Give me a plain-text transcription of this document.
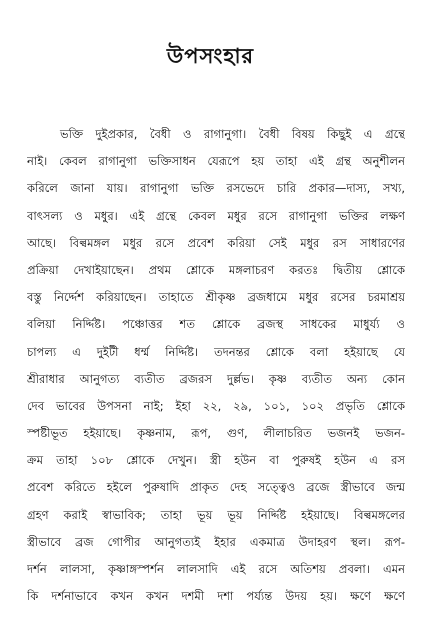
উপসংহার
ভক্তি দুইপ্রকার, বৈধী ও রাগানুগা। বৈধী বিষয় কিছুই এ গ্রন্থে
নাই। কেবল রাগানুগা ভক্তিসাধন যেরূপে হয় তাহা এই গ্রন্থ অনুশীলন
করিলে জানা যায়। রাগানুগা ভক্তি রসভেদে চারি প্রকার—দাস্য, সখ্য,
বাৎসল্য ও মধুর। এই গ্রন্থে কেবল মধুর রসে রাগানুগা ভক্তির লক্ষণ
আছে। বিল্বমঙ্গল মধুর রসে প্রবেশ করিয়া সেই মধুর রস সাধারণের
প্রক্রিয়া দেখাইয়াছেন। প্রথম শ্লোকে মঙ্গলাচরণ করতঃ দ্বিতীয় শ্লোকে
বস্তু নির্দ্দেশ করিয়াছেন। তাহাতে শ্রীকৃষ্ণ ব্রজধামে মধুর রসের চরমাশ্রয়
বলিয়া নির্দ্দিষ্ট। পঞ্চোত্তর শত শ্লোকে ব্রজস্থ সাধকের মাধুর্য্য ও
চাপল্য এ দুইটী ধর্ম্ম নির্দ্দিষ্ট। তদনন্তর শ্লোকে বলা হইয়াছে যে
শ্রীরাধার আনুগত্য ব্যতীত ব্রজরস দুর্ল্লভ। কৃষ্ণ ব্যতীত অন্য কোন
দেব ভাবের উপসনা নাই; ইহা ২২, ২৯, ১০১, ১০২ প্রভৃতি শ্লোকে
স্পষ্টীভূত হইয়াছে। কৃষ্ণনাম, রূপ, গুণ, লীলাচরিত ভজনই ভজন-
ক্রম তাহা ১০৮ শ্লোকে দেখুন। স্ত্রী হউন বা পুরুষই হউন এ রস
প্রবেশ করিতে হইলে পুরুষাদি প্রাকৃত দেহ সত্ত্বেও ব্রজে স্ত্রীভাবে জন্ম
গ্রহণ করাই স্বাভাবিক; তাহা ভূয় ভূয় নির্দ্দিষ্ট হইয়াছে। বিল্বমঙ্গলের
স্ত্রীভাবে ব্রজ গোপীর আনুগত্যই ইহার একমাত্র উদাহরণ স্থল। রূপ-
দর্শন লালসা, কৃষ্ণাঙ্গস্পর্শন লালসাদি এই রসে অতিশয় প্রবলা। এমন
কি দর্শনাভাবে কখন কখন দশমী দশা পর্য্যন্ত উদয় হয়। ক্ষণে ক্ষণে
